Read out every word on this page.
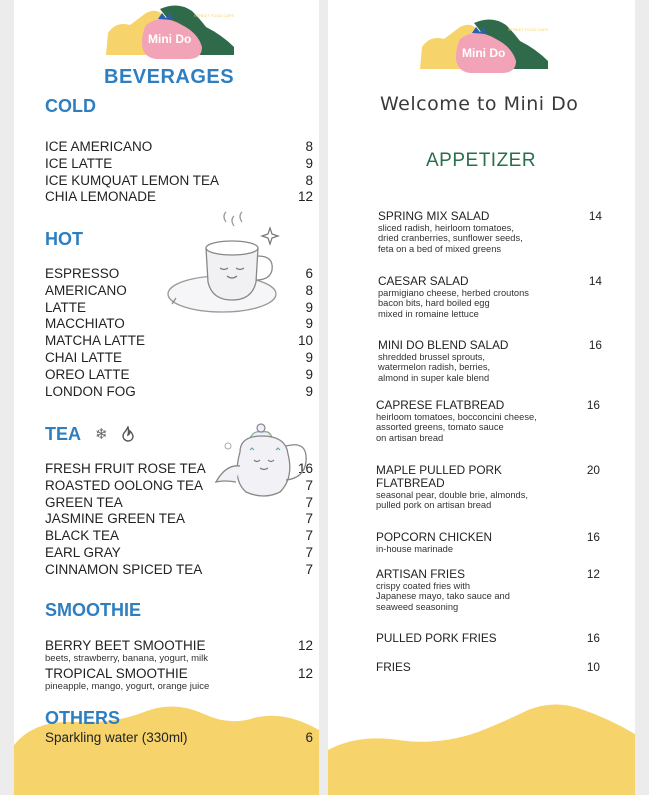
Mini Do
STREET FOOD CAFE
BEVERAGES
COLD
ICE AMERICANO	8
ICE LATTE	9
ICE KUMQUAT LEMON TEA	8
CHIA LEMONADE	12
HOT
ESPRESSO	6
AMERICANO	8
LATTE	9
MACCHIATO	9
MATCHA LATTE	10
CHAI LATTE	9
OREO LATTE	9
LONDON FOG	9
TEA ❄
FRESH FRUIT ROSE TEA	16
ROASTED OOLONG TEA	7
GREEN TEA	7
JASMINE GREEN TEA	7
BLACK TEA	7
EARL GRAY	7
CINNAMON SPICED TEA	7
SMOOTHIE
BERRY BEET SMOOTHIE	12
beets, strawberry, banana, yogurt, milk
TROPICAL SMOOTHIE	12
pineapple, mango, yogurt, orange juice
OTHERS
Sparkling water (330ml)	6
Mini Do
STREET FOOD CAFE
Welcome to Mini Do
APPETIZER
SPRING MIX SALAD	14
sliced radish, heirloom tomatoes,
dried cranberries, sunflower seeds,
feta on a bed of mixed greens
CAESAR SALAD	14
parmigiano cheese, herbed croutons
bacon bits, hard boiled egg
mixed in romaine lettuce
MINI DO BLEND SALAD	16
shredded brussel sprouts,
watermelon radish, berries,
almond in super kale blend
CAPRESE FLATBREAD	16
heirloom tomatoes, bocconcini cheese,
assorted greens, tomato sauce
on artisan bread
MAPLE PULLED PORK
FLATBREAD
20
seasonal pear, double brie, almonds,
pulled pork on artisan bread
POPCORN CHICKEN	16
in-house marinade
ARTISAN FRIES	12
crispy coated fries with
Japanese mayo, tako sauce and
seaweed seasoning
PULLED PORK FRIES	16
FRIES	10
